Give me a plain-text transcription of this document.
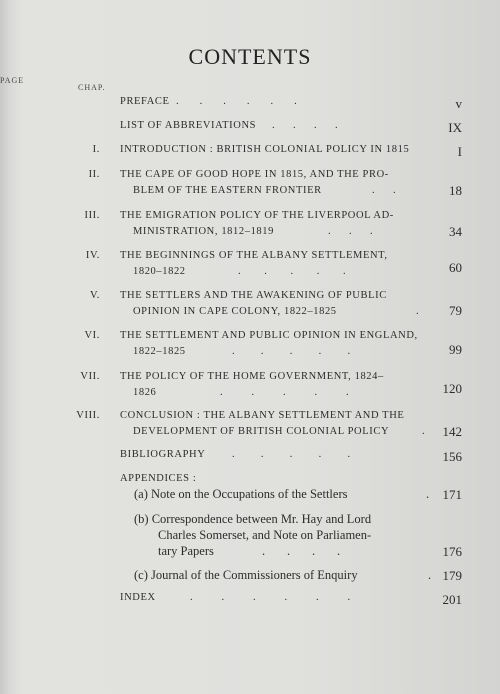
CONTENTS
CHAP.
PAGE
PREFACE .        .        .        .        .        .	v
LIST OF ABBREVIATIONS .       .       .       .	IX
I. INTRODUCTION : BRITISH COLONIAL POLICY IN 1815	I
II. THE CAPE OF GOOD HOPE IN 1815, AND THE PRO-
BLEM OF THE EASTERN FRONTIER	.       .	18
III. THE EMIGRATION POLICY OF THE LIVERPOOL AD-
MINISTRATION, 1812–1819	.       .       .	34
IV. THE BEGINNINGS OF THE ALBANY SETTLEMENT,
1820–1822	.         .         .         .         .	60
V. THE SETTLERS AND THE AWAKENING OF PUBLIC
OPINION IN CAPE COLONY, 1822–1825	. 79
VI. THE SETTLEMENT AND PUBLIC OPINION IN ENGLAND,
1822–1825	.          .          .          .          .	99
VII. THE POLICY OF THE HOME GOVERNMENT, 1824–
1826	.           .           .           .           .	120
VIII. CONCLUSION : THE ALBANY SETTLEMENT AND THE
DEVELOPMENT OF BRITISH COLONIAL POLICY	. 142
BIBLIOGRAPHY	.          .          .          .          .	156
APPENDICES :
(a) Note on the Occupations of the Settlers	. 171
(b) Correspondence between Mr. Hay and Lord
Charles Somerset, and Note on Parliamen-
tary Papers	.       .       .       .	176
(c) Journal of the Commissioners of Enquiry	. 179
INDEX	.           .           .           .           .           .	201
